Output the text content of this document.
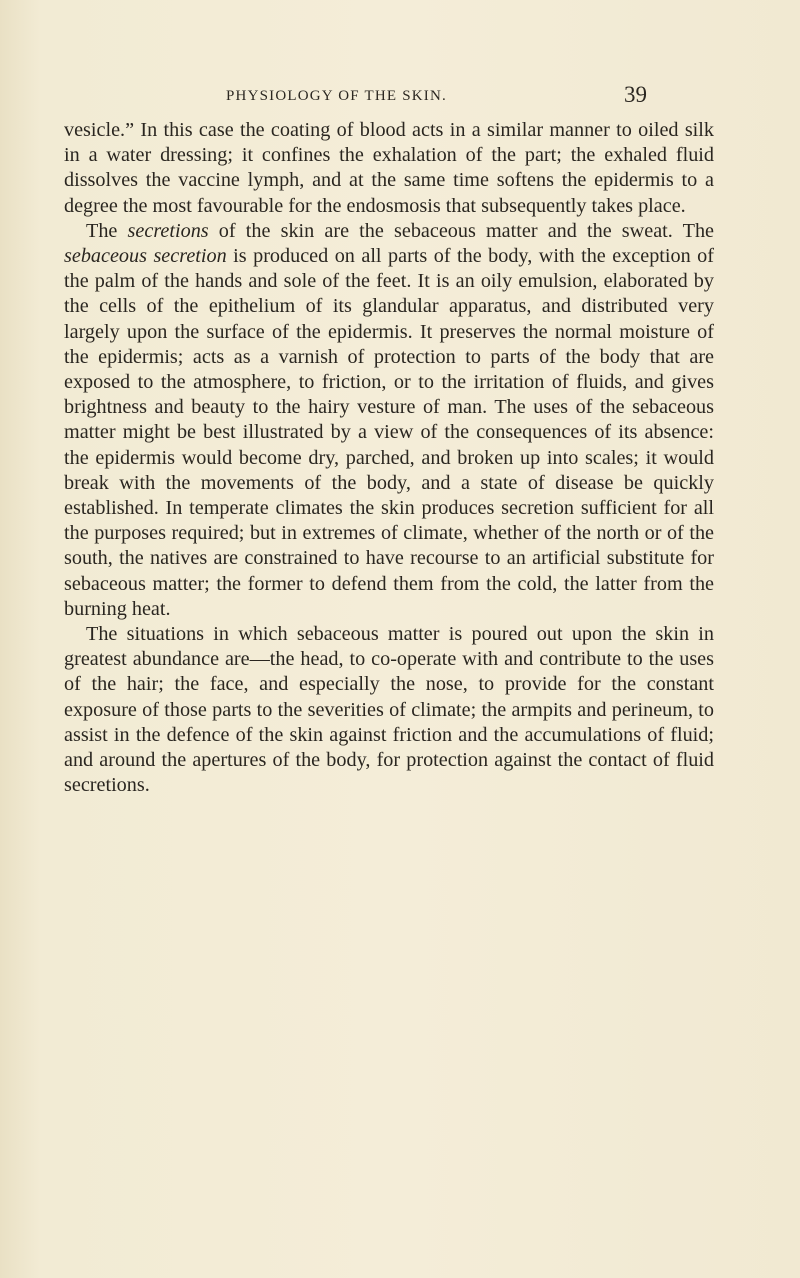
PHYSIOLOGY OF THE SKIN.	39

vesicle.” In this case the coating of blood acts in a similar manner to oiled silk in a water dressing; it confines the exhalation of the part; the exhaled fluid dissolves the vaccine lymph, and at the same time softens the epidermis to a degree the most favourable for the endosmosis that subsequently takes place.

The secretions of the skin are the sebaceous matter and the sweat. The sebaceous secretion is produced on all parts of the body, with the exception of the palm of the hands and sole of the feet. It is an oily emulsion, elaborated by the cells of the epithelium of its glandular apparatus, and distributed very largely upon the surface of the epidermis. It preserves the normal moisture of the epidermis; acts as a varnish of protection to parts of the body that are exposed to the atmosphere, to friction, or to the irritation of fluids, and gives brightness and beauty to the hairy vesture of man. The uses of the sebaceous matter might be best illustrated by a view of the consequences of its absence: the epidermis would become dry, parched, and broken up into scales; it would break with the movements of the body, and a state of disease be quickly established. In temperate climates the skin produces secretion sufficient for all the purposes required; but in extremes of climate, whether of the north or of the south, the natives are constrained to have recourse to an artificial substitute for sebaceous matter; the former to defend them from the cold, the latter from the burning heat.

The situations in which sebaceous matter is poured out upon the skin in greatest abundance are—the head, to co-operate with and contribute to the uses of the hair; the face, and especially the nose, to provide for the constant exposure of those parts to the severities of climate; the armpits and perineum, to assist in the defence of the skin against friction and the accumulations of fluid; and around the apertures of the body, for protection against the contact of fluid secretions.
